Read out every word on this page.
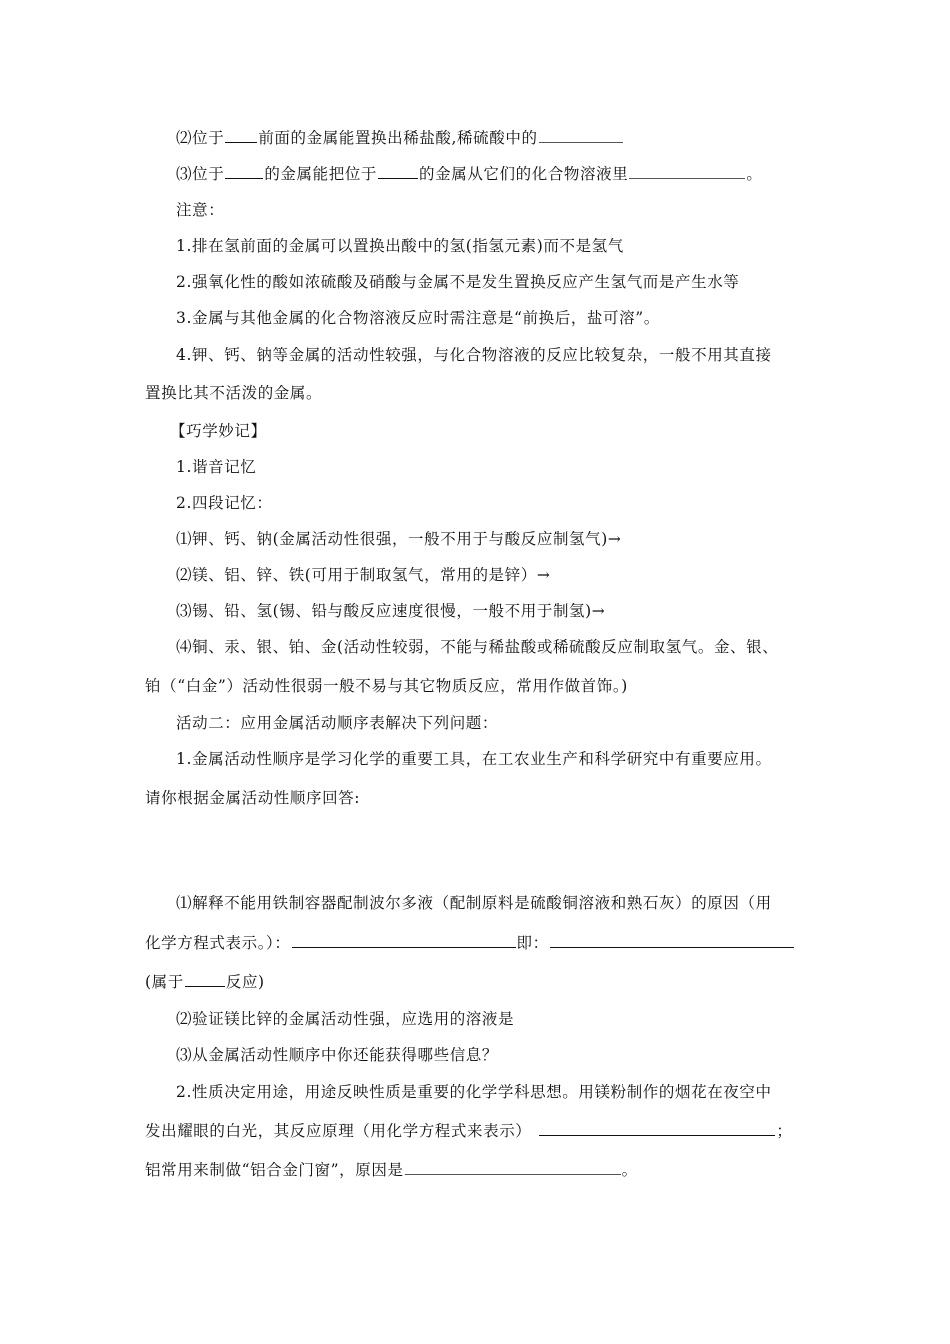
⑵位于 前面的金属能置换出稀盐酸,稀硫酸中的
⑶位于	的金属能把位于	的金属从它们的化合物溶液里	。
注意：
1.排在氢前面的金属可以置换出酸中的氢(指氢元素)而不是氢气
2.强氧化性的酸如浓硫酸及硝酸与金属不是发生置换反应产生氢气而是产生水等
3.金属与其他金属的化合物溶液反应时需注意是“前换后，盐可溶”。
4.钾、钙、钠等金属的活动性较强，与化合物溶液的反应比较复杂，一般不用其直接
置换比其不活泼的金属。
【巧学妙记】
1.谐音记忆
2.四段记忆：
⑴钾、钙、钠(金属活动性很强，一般不用于与酸反应制氢气)→
⑵镁、铝、锌、铁(可用于制取氢气，常用的是锌）→
⑶锡、铅、氢(锡、铅与酸反应速度很慢，一般不用于制氢)→
⑷铜、汞、银、铂、金(活动性较弱，不能与稀盐酸或稀硫酸反应制取氢气。金、银、
铂（“白金”）活动性很弱一般不易与其它物质反应，常用作做首饰。)
活动二：应用金属活动顺序表解决下列问题：
1.金属活动性顺序是学习化学的重要工具，在工农业生产和科学研究中有重要应用。
请你根据金属活动性顺序回答:
⑴解释不能用铁制容器配制波尔多液（配制原料是硫酸铜溶液和熟石灰）的原因（用
化学方程式表示。）：	即：
(属于	反应)
⑵验证镁比锌的金属活动性强，应选用的溶液是
⑶从金属活动性顺序中你还能获得哪些信息？
2.性质决定用途，用途反映性质是重要的化学学科思想。用镁粉制作的烟花在夜空中
发出耀眼的白光，其反应原理（用化学方程式来表示）	；
铝常用来制做“铝合金门窗”，原因是	。
